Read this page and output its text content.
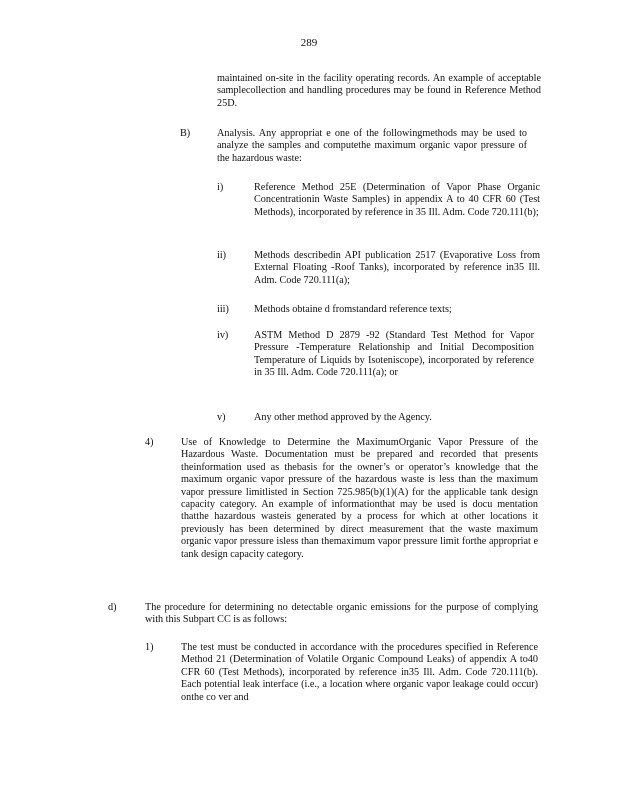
289
maintained on-site in the facility operating records. An example of acceptable samplecollection and handling procedures may be found in Reference Method 25D.
B)	Analysis. Any appropriat e one of the followingmethods may be used to analyze the samples and computethe maximum organic vapor pressure of the hazardous waste:
i)	Reference Method 25E (Determination of Vapor Phase Organic Concentrationin Waste Samples) in appendix A to 40 CFR 60 (Test Methods), incorporated by reference in 35 Ill. Adm. Code 720.111(b);
ii)	Methods describedin API publication 2517 (Evaporative Loss from External Floating -Roof Tanks), incorporated by reference in35 Ill. Adm. Code 720.111(a);
iii) Methods obtaine d fromstandard reference texts;
iv)	ASTM Method D 2879 -92 (Standard Test Method for Vapor Pressure -Temperature Relationship and Initial Decomposition Temperature of Liquids by Isoteniscope), incorporated by reference in 35 Ill. Adm. Code 720.111(a); or
v)	Any other method approved by the Agency.
4)	Use of Knowledge to Determine the MaximumOrganic Vapor Pressure of the Hazardous Waste. Documentation must be prepared and recorded that presents theinformation used as thebasis for the owner’s or operator’s knowledge that the maximum organic vapor pressure of the hazardous waste is less than the maximum vapor pressure limitlisted in Section 725.985(b)(1)(A) for the applicable tank design capacity category. An example of informationthat may be used is docu mentation thatthe hazardous wasteis generated by a process for which at other locations it previously has been determined by direct measurement that the waste maximum organic vapor pressure isless than themaximum vapor pressure limit forthe appropriat e tank design capacity category.
d)	The procedure for determining no detectable organic emissions for the purpose of complying with this Subpart CC is as follows:
1)	The test must be conducted in accordance with the procedures specified in Reference Method 21 (Determination of Volatile Organic Compound Leaks) of appendix A to40 CFR 60 (Test Methods), incorporated by reference in35 Ill. Adm. Code 720.111(b). Each potential leak interface (i.e., a location where organic vapor leakage could occur) onthe co ver and
